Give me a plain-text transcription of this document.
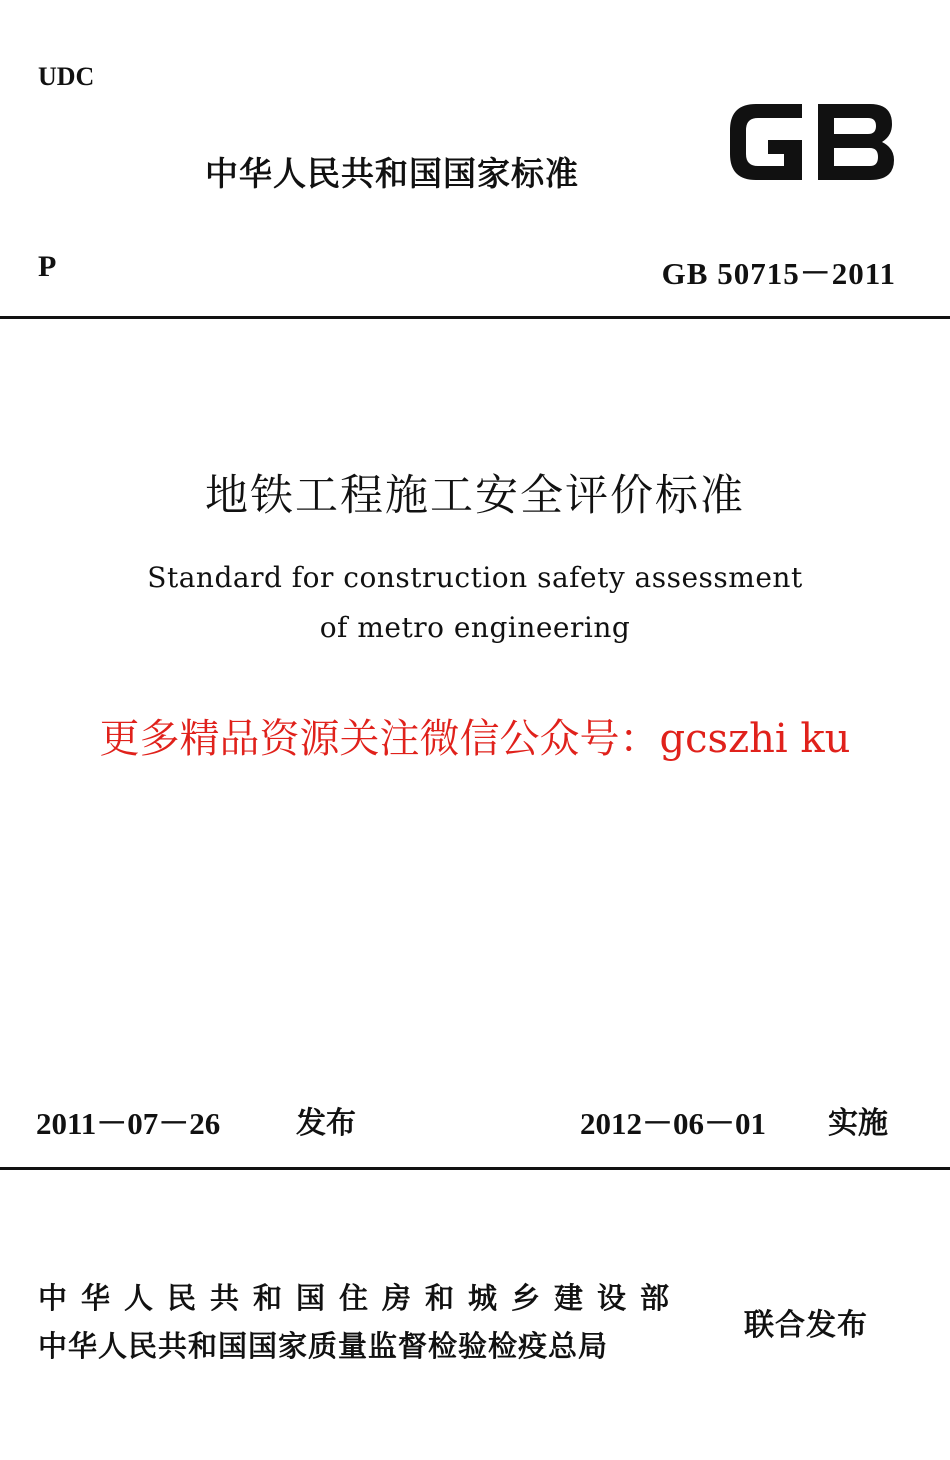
UDC
中华人民共和国国家标准
P	GB 50715－2011
地铁工程施工安全评价标准
Standard for construction safety assessment
of metro engineering
更多精品资源关注微信公众号：gcszhi ku
2011－07－26	发布	2012－06－01 实施
中华人民共和国住房和城乡建设部
中华人民共和国国家质量监督检验检疫总局
联合发布
